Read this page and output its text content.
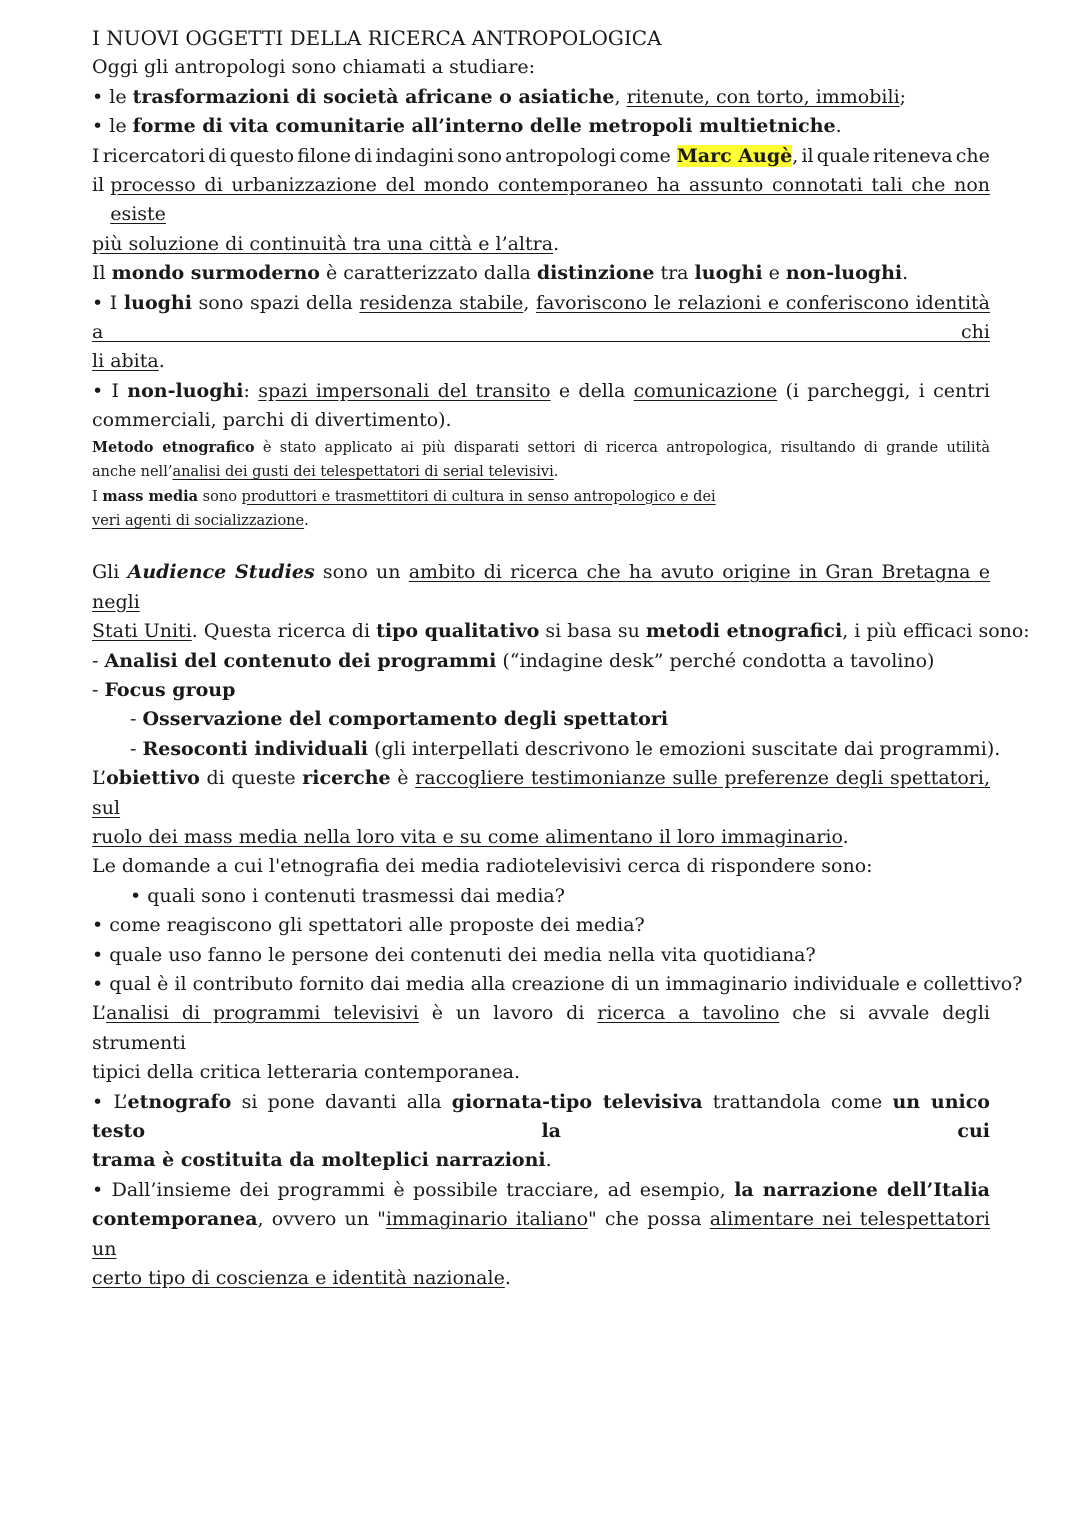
I NUOVI OGGETTI DELLA RICERCA ANTROPOLOGICA
Oggi gli antropologi sono chiamati a studiare:
• le trasformazioni di società africane o asiatiche, ritenute, con torto, immobili;
• le forme di vita comunitarie all’interno delle metropoli multietniche.
I ricercatori di questo filone di indagini sono antropologi come Marc Augè, il quale riteneva che
il processo di urbanizzazione del mondo contemporaneo ha assunto connotati tali che non esiste
più soluzione di continuità tra una città e l’altra.
Il mondo surmoderno è caratterizzato dalla distinzione tra luoghi e non-luoghi.
• I luoghi sono spazi della residenza stabile, favoriscono le relazioni e conferiscono identità a chi
li abita.
• I non-luoghi: spazi impersonali del transito e della comunicazione (i parcheggi, i centri
commerciali, parchi di divertimento).
Metodo etnografico è stato applicato ai più disparati settori di ricerca antropologica, risultando di grande utilità
anche nell’analisi dei gusti dei telespettatori di serial televisivi.
I mass media sono produttori e trasmettitori di cultura in senso antropologico e dei
veri agenti di socializzazione.
Gli Audience Studies sono un ambito di ricerca che ha avuto origine in Gran Bretagna e negli
Stati Uniti. Questa ricerca di tipo qualitativo si basa su metodi etnografici, i più efficaci sono:
- Analisi del contenuto dei programmi (“indagine desk” perché condotta a tavolino)
- Focus group
- Osservazione del comportamento degli spettatori
- Resoconti individuali (gli interpellati descrivono le emozioni suscitate dai programmi).
L’obiettivo di queste ricerche è raccogliere testimonianze sulle preferenze degli spettatori, sul
ruolo dei mass media nella loro vita e su come alimentano il loro immaginario.
Le domande a cui l'etnografia dei media radiotelevisivi cerca di rispondere sono:
• quali sono i contenuti trasmessi dai media?
• come reagiscono gli spettatori alle proposte dei media?
• quale uso fanno le persone dei contenuti dei media nella vita quotidiana?
• qual è il contributo fornito dai media alla creazione di un immaginario individuale e collettivo?
L’analisi di programmi televisivi è un lavoro di ricerca a tavolino che si avvale degli strumenti
tipici della critica letteraria contemporanea.
• L’etnografo si pone davanti alla giornata-tipo televisiva trattandola come un unico testo la cui
trama è costituita da molteplici narrazioni.
• Dall’insieme dei programmi è possibile tracciare, ad esempio, la narrazione dell’Italia
contemporanea, ovvero un "immaginario italiano" che possa alimentare nei telespettatori un
certo tipo di coscienza e identità nazionale.
